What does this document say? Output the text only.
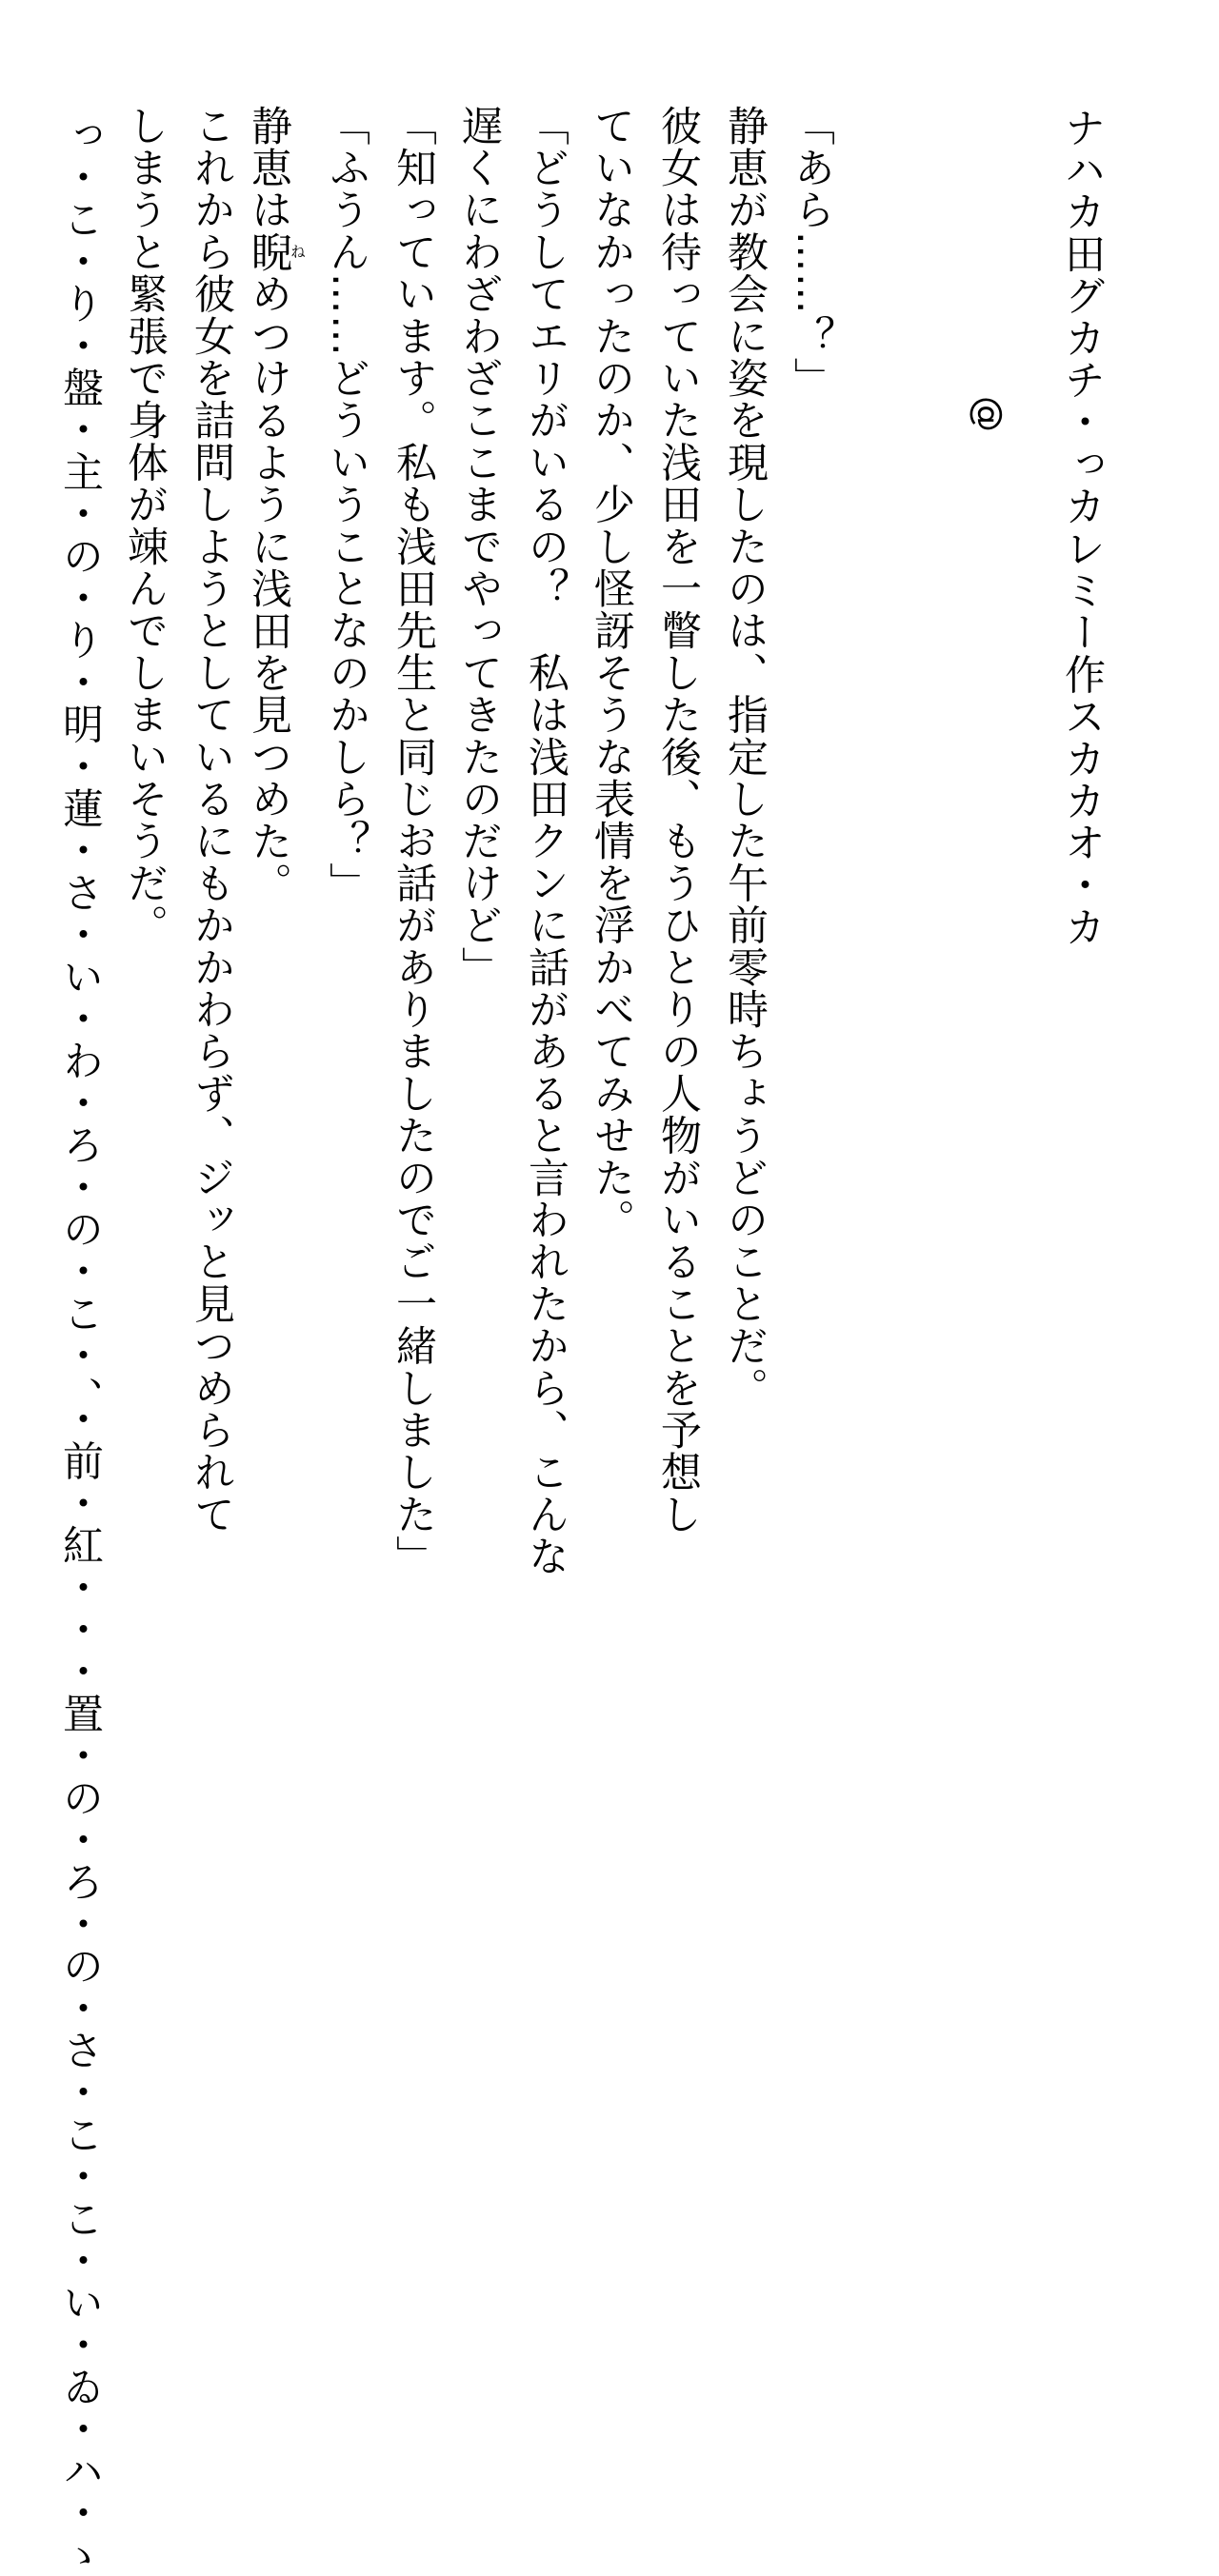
ナハカ田グカチ・っカレミー作スカカオ・カ
@
「あら……？」
静恵が教会に姿を現したのは、指定した午前零時ちょうどのことだ。
彼女は待っていた浅田を一瞥した後、もうひとりの人物がいることを予想し
ていなかったのか、少し怪訝そうな表情を浮かべてみせた。
「どうしてエリがいるの？　私は浅田クンに話があると言われたから、こんな
遅くにわざわざここまでやってきたのだけど」
「知っています。私も浅田先生と同じお話がありましたのでご一緒しました」
「ふうん……どういうことなのかしら？」
静恵は睨ねめつけるように浅田を見つめた。
これから彼女を詰問しようとしているにもかかわらず、ジッと見つめられて
しまうと緊張で身体が竦んでしまいそうだ。
っ・こ・り・盤・主・の・り・明・蓮・さ・い・わ・ろ・の・こ・、・前・紅・・・置・の・ろ・の・さ・こ・こ・い・ゐ・ハ・ゝ
